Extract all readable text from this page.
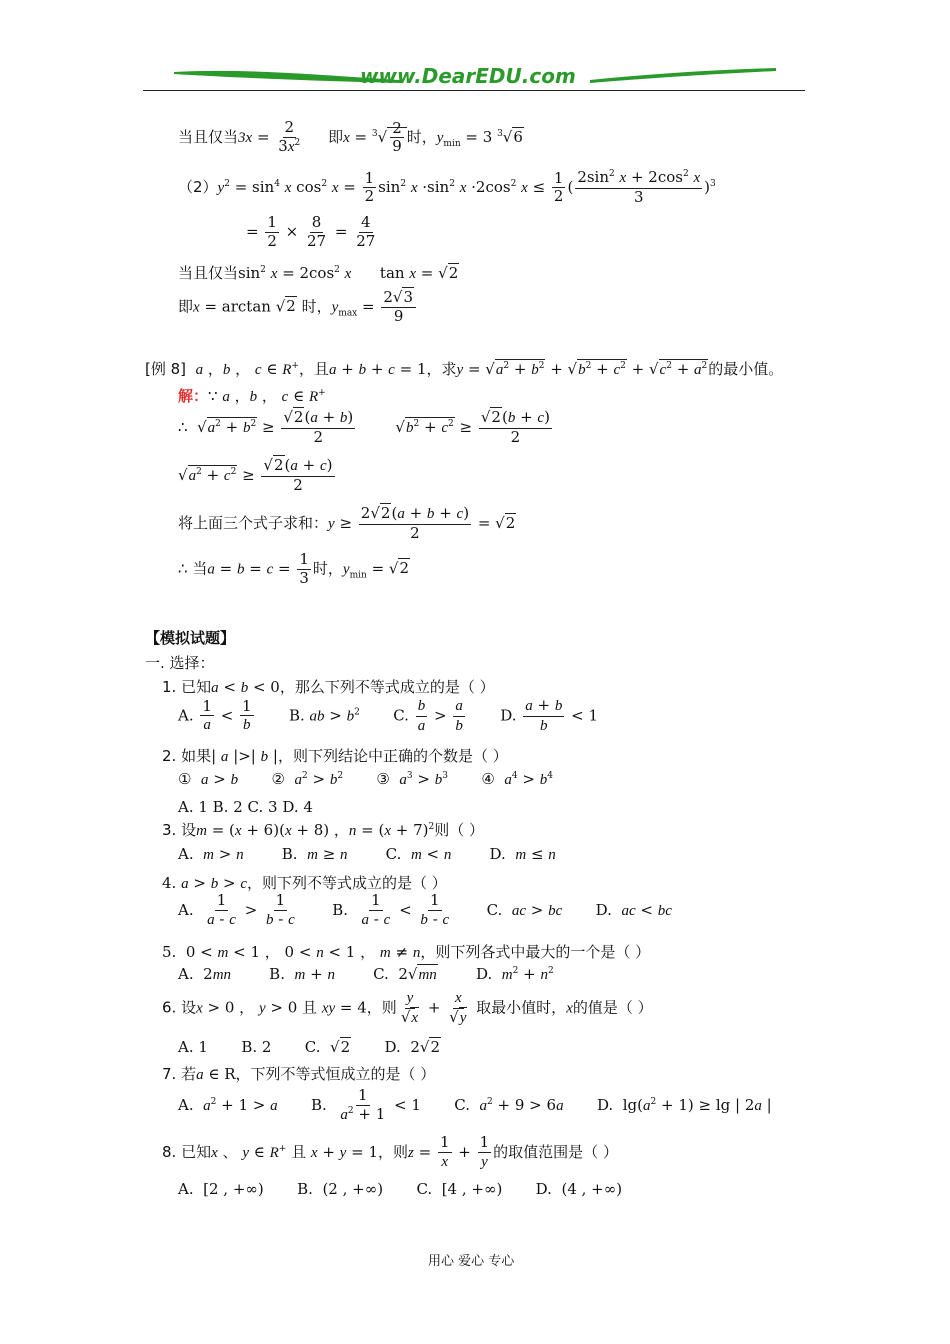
www.DearEDU.com
当且仅当$3x = \frac{2}{3x^2}$ 即$x = ^3√ \frac{2}{9}$ 时，$y_{min} = 3$ $^3$√6
$(2)y^2 = \sin^4 x$ $\cos^2 x = \frac{1}{2} \sin^2 x \cdot\sin^2$ $x \cdot 2\cos^2$ $x \le \frac{1}{2}$ ( $\frac{2\sin^2 x + 2\cos^2 x}{3} )^3$
= $\frac{1}{2} \times \frac{8}{27} = \frac{4}{27}$
当且仅当$\sin^2 x = 2\cos^2$ x      tan x = √2
即x = arctan √2 时，$y_{max} = \frac{2√3}{9}$
[例 8] a ，b ， c ∈ R+，且a + b + c = 1，求$y = √a^2 + b^2 + √b^2 + c^2 + √c^2 + a^2$的最小值。
解：∵ a ，b ， c ∈ R+
∴  $√a^2 + b^2 \ge \frac{√2(a + b)}{2} √b^2 + c^2 \ge \frac{√2(b + c)}{2}$
$√a^2 + c^2 \ge \frac{√2(a + c)}{2}$
将上面三个式子求和：$y \ge \frac{2√2(a + b + c)}{2} = √2$
∴ 当$a = b = c = \frac{1}{3}$ 时，$y_{min} = √2$
【模拟试题】
一. 选择：
1. 已知a < b < 0，那么下列不等式成立的是（ ）
A. $\frac{1}{a} < \frac{1}{b} B$. ab > $b^2$       C. $\frac{b}{a} > \frac{a}{b} D$. $\frac{a + b}{b} < 1$
2. 如果| a |>| b |，则下列结论中正确的个数是（ ）
①  a > b       ②  $a^2 > b^2$       ③  $a^3 > b^3$       ④  $a^4 > b^4$
A. 1 B. 2 C. 3 D. 4
3. 设m = (x + 6)(x + 8) ，$n = (x + 7)^2$则（ ）
A.  m > n        B.  m ≥ n        C.  m < n        D.  m ≤ n
4. a > b > c，则下列不等式成立的是（ ）
A. $\frac{1}{a - c} > \frac{1}{b - c} B$. $\frac{1}{a - c} < \frac{1}{b - c} C$.  ac > bc       D.  ac < bc
5.  0 < m < 1 ， 0 < n < 1 ， m ≠ n，则下列各式中最大的一个是（ ）
A.  2mn        B.  m + n        C.  2√mn        D.  $m^2 + n^2$
6. 设x > 0 ， y > 0 且 xy = 4，则 $\frac{y}{√x} + \frac{x}{√y}$ 取最小值时，x的值是（ ）
A. 1 B. 2       C.  √2       D.  2√2
7. 若a ∈ R，下列不等式恒成立的是（ ）
A.  $a^2 + 1 > a$       B. $\frac{1}{a^2 + 1} < 1$       C.  $a^2 + 9 > 6a$       D.  $\lg(a^2 + 1) \ge \lg$ | 2a |
8. 已知x 、 y ∈ R+ 且 x + y = 1，则$z = \frac{1}{x} + \frac{1}{y}$ 的取值范围是（ ）
A.  [2 , +∞)       B.  (2 , +∞)       C.  [4 , +∞)       D.  (4 , +∞)
用心 爱心 专心
